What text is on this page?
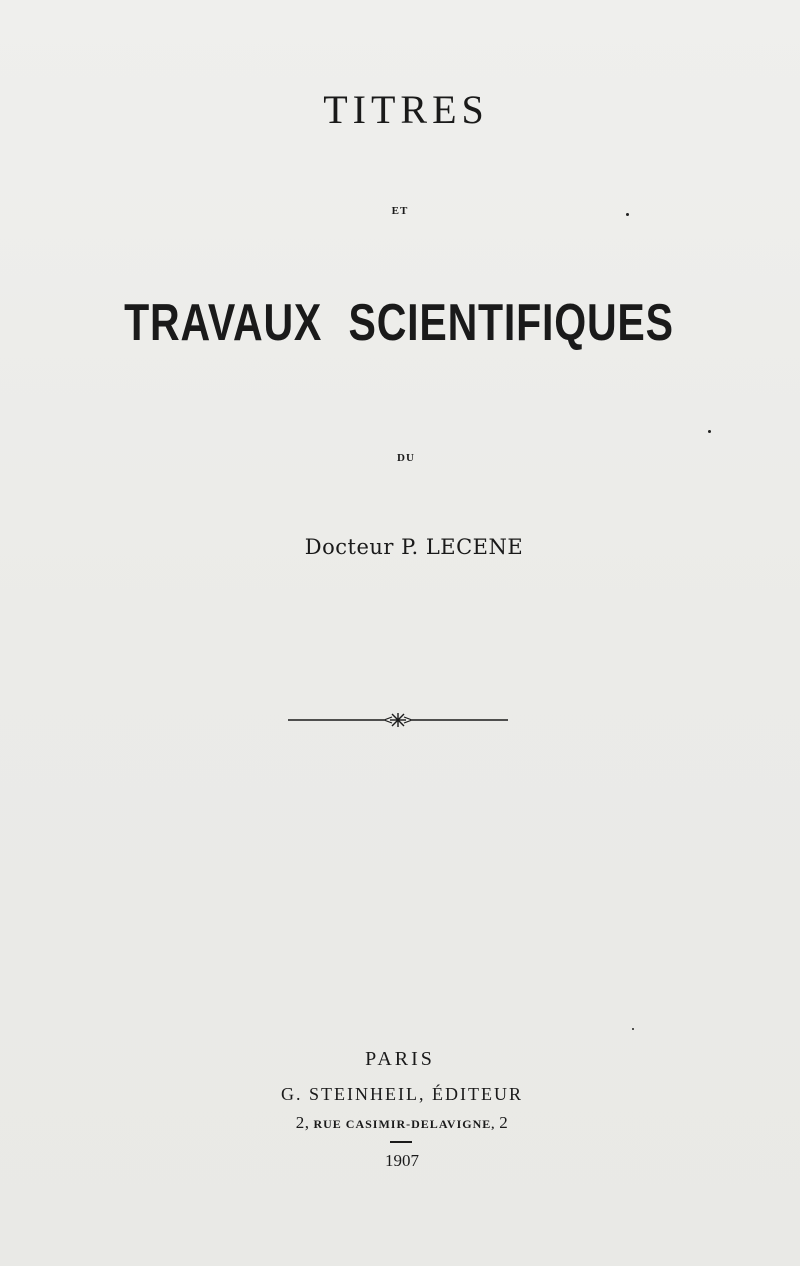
TITRES
ET
TRAVAUX SCIENTIFIQUES
DU
Docteur P. LECENE
PARIS
G. STEINHEIL, ÉDITEUR
2, RUE CASIMIR-DELAVIGNE, 2
1907
